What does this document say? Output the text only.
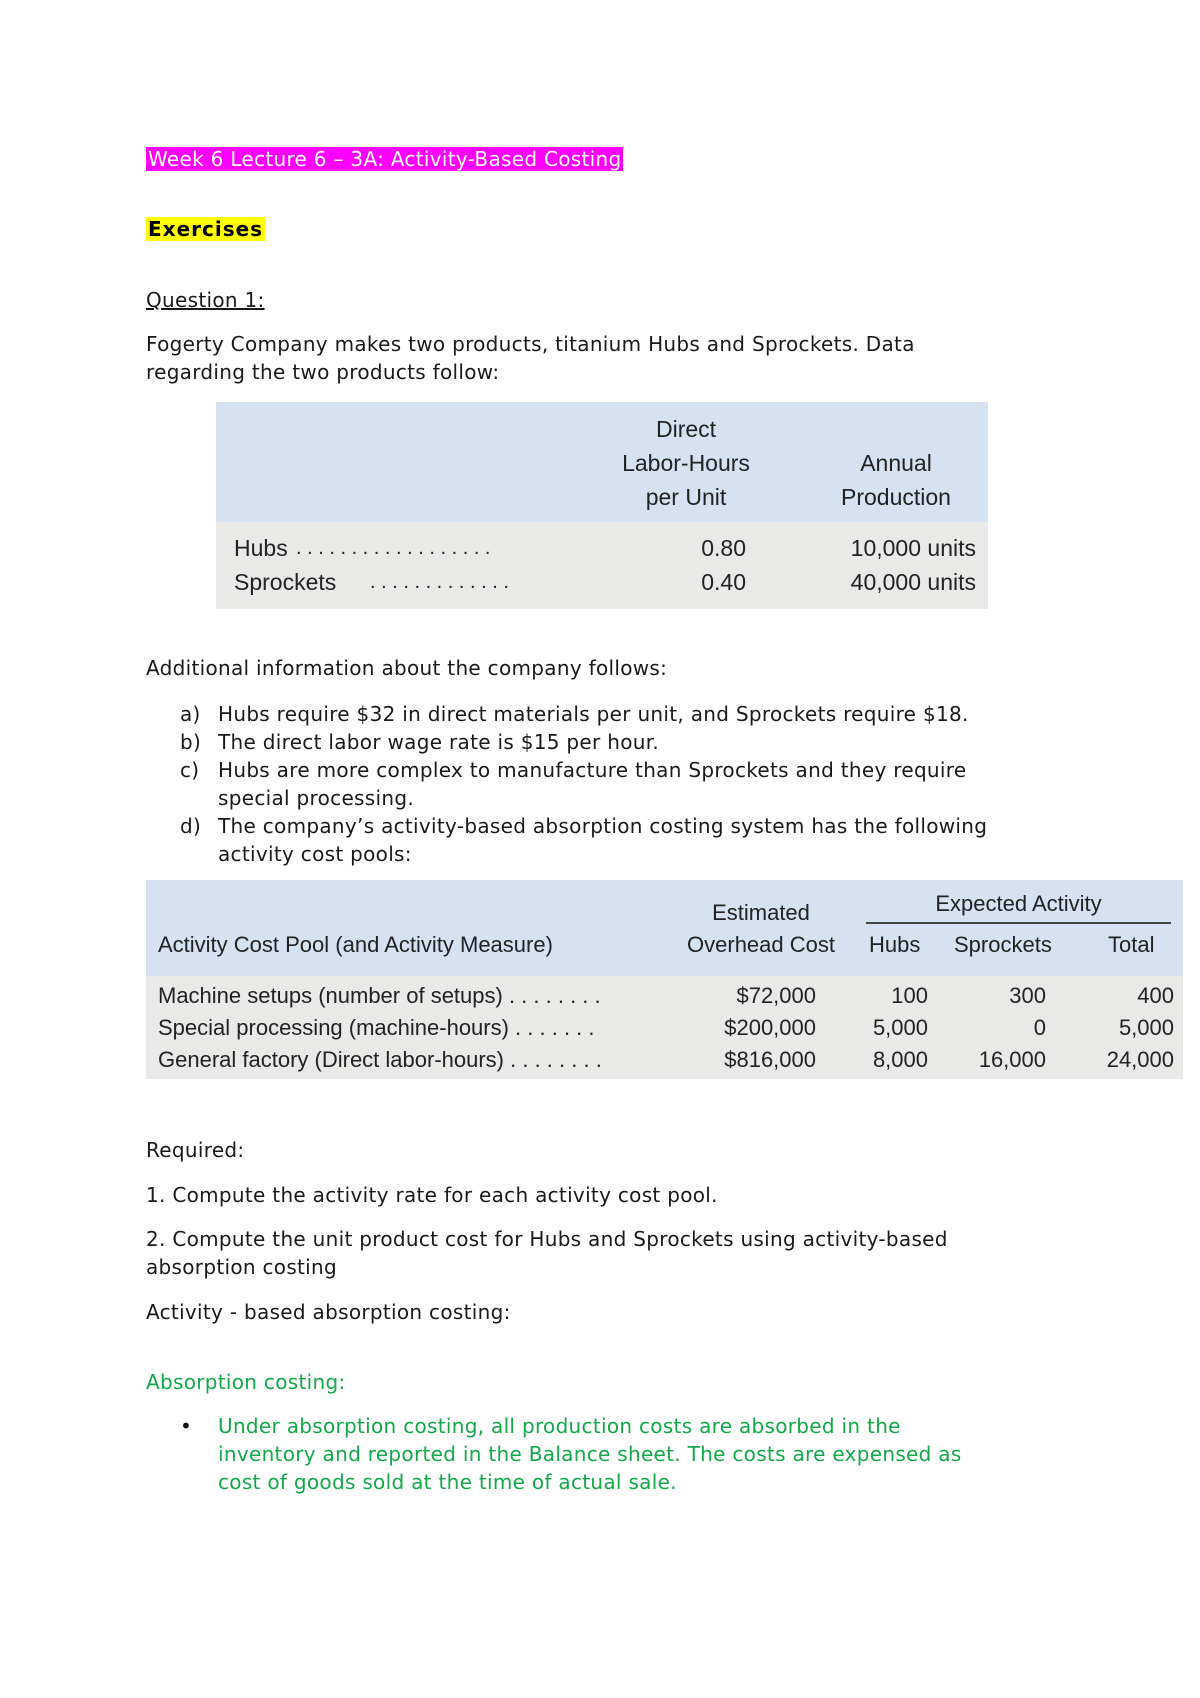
Week 6 Lecture 6 – 3A: Activity-Based Costing
Exercises
Question 1:
Fogerty Company makes two products, titanium Hubs and Sprockets. Data
regarding the two products follow:
Direct
Labor-Hours
per Unit
Annual
Production
Hubs . . . . . . . . . . . . . . . . . .	0.80	10,000 units
Sprockets . . . . . . . . . . . . .	0.40	40,000 units
Additional information about the company follows:
a) Hubs require $32 in direct materials per unit, and Sprockets require $18.
b) The direct labor wage rate is $15 per hour.
c) Hubs are more complex to manufacture than Sprockets and they require
special processing.
d) The company’s activity-based absorption costing system has the following
activity cost pools:
Estimated
Overhead Cost
Activity Cost Pool (and Activity Measure)
Expected Activity
Hubs Sprockets	Total
Machine setups (number of setups) . . . . . . . .	$72,000	100	300	400
Special processing (machine-hours) . . . . . . .	$200,000	5,000	0	5,000
General factory (Direct labor-hours) . . . . . . . .	$816,000	8,000	16,000	24,000
Required:
1. Compute the activity rate for each activity cost pool.
2. Compute the unit product cost for Hubs and Sprockets using activity-based
absorption costing
Activity - based absorption costing:
Absorption costing:
•	Under absorption costing, all production costs are absorbed in the
inventory and reported in the Balance sheet. The costs are expensed as
cost of goods sold at the time of actual sale.
